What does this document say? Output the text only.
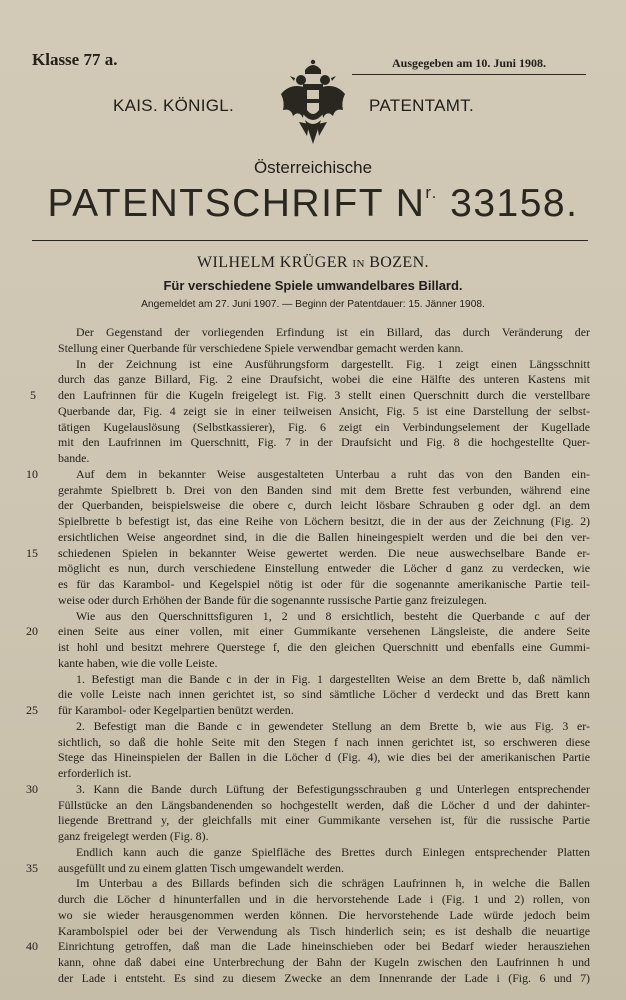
Klasse 77 a.	Ausgegeben am 10. Juni 1908.
KAIS. KÖNIGL.	PATENTAMT.
Österreichische
PATENTSCHRIFT $N^{r.}$ 33158.
WILHELM KRÜGER IN BOZEN.
Für verschiedene Spiele umwandelbares Billard.
Angemeldet am 27. Juni 1907. — Beginn der Patentdauer: 15. Jänner 1908.
5
10
15
20
25
30
35
40
Der Gegenstand der vorliegenden Erfindung ist ein Billard, das durch Veränderung der
Stellung einer Querbande für verschiedene Spiele verwendbar gemacht werden kann.
In der Zeichnung ist eine Ausführungsform dargestellt. Fig. 1 zeigt einen Längsschnitt
durch das ganze Billard, Fig. 2 eine Draufsicht, wobei die eine Hälfte des unteren Kastens mit
den Laufrinnen für die Kugeln freigelegt ist. Fig. 3 stellt einen Querschnitt durch die verstellbare
Querbande dar, Fig. 4 zeigt sie in einer teilweisen Ansicht, Fig. 5 ist eine Darstellung der selbst-
tätigen Kugelauslösung (Selbstkassierer), Fig. 6 zeigt ein Verbindungselement der Kugellade
mit den Laufrinnen im Querschnitt, Fig. 7 in der Draufsicht und Fig. 8 die hochgestellte Quer-
bande.
Auf dem in bekannter Weise ausgestalteten Unterbau a ruht das von den Banden ein-
gerahmte Spielbrett b. Drei von den Banden sind mit dem Brette fest verbunden, während eine
der Querbanden, beispielsweise die obere c, durch leicht lösbare Schrauben g oder dgl. an dem
Spielbrette b befestigt ist, das eine Reihe von Löchern besitzt, die in der aus der Zeichnung (Fig. 2)
ersichtlichen Weise angeordnet sind, in die die Ballen hineingespielt werden und die bei den ver-
schiedenen Spielen in bekannter Weise gewertet werden. Die neue auswechselbare Bande er-
möglicht es nun, durch verschiedene Einstellung entweder die Löcher d ganz zu verdecken, wie
es für das Karambol- und Kegelspiel nötig ist oder für die sogenannte amerikanische Partie teil-
weise oder durch Erhöhen der Bande für die sogenannte russische Partie ganz freizulegen.
Wie aus den Querschnittsfiguren 1, 2 und 8 ersichtlich, besteht die Querbande c auf der
einen Seite aus einer vollen, mit einer Gummikante versehenen Längsleiste, die andere Seite
ist hohl und besitzt mehrere Querstege f, die den gleichen Querschnitt und ebenfalls eine Gummi-
kante haben, wie die volle Leiste.
1. Befestigt man die Bande c in der in Fig. 1 dargestellten Weise an dem Brette b, daß nämlich
die volle Leiste nach innen gerichtet ist, so sind sämtliche Löcher d verdeckt und das Brett kann
für Karambol- oder Kegelpartien benützt werden.
2. Befestigt man die Bande c in gewendeter Stellung an dem Brette b, wie aus Fig. 3 er-
sichtlich, so daß die hohle Seite mit den Stegen f nach innen gerichtet ist, so erschweren diese
Stege das Hineinspielen der Ballen in die Löcher d (Fig. 4), wie dies bei der amerikanischen Partie
erforderlich ist.
3. Kann die Bande durch Lüftung der Befestigungsschrauben g und Unterlegen entsprechender
Füllstücke an den Längsbandenenden so hochgestellt werden, daß die Löcher d und der dahinter-
liegende Brettrand y, der gleichfalls mit einer Gummikante versehen ist, für die russische Partie
ganz freigelegt werden (Fig. 8).
Endlich kann auch die ganze Spielfläche des Brettes durch Einlegen entsprechender Platten
ausgefüllt und zu einem glatten Tisch umgewandelt werden.
Im Unterbau a des Billards befinden sich die schrägen Laufrinnen h, in welche die Ballen
durch die Löcher d hinunterfallen und in die hervorstehende Lade i (Fig. 1 und 2) rollen, von
wo sie wieder herausgenommen werden können. Die hervorstehende Lade würde jedoch beim
Karambolspiel oder bei der Verwendung als Tisch hinderlich sein; es ist deshalb die neuartige
Einrichtung getroffen, daß man die Lade hineinschieben oder bei Bedarf wieder herausziehen
kann, ohne daß dabei eine Unterbrechung der Bahn der Kugeln zwischen den Laufrinnen h und
der Lade i entsteht. Es sind zu diesem Zwecke an dem Innenrande der Lade i (Fig. 6 und 7)
